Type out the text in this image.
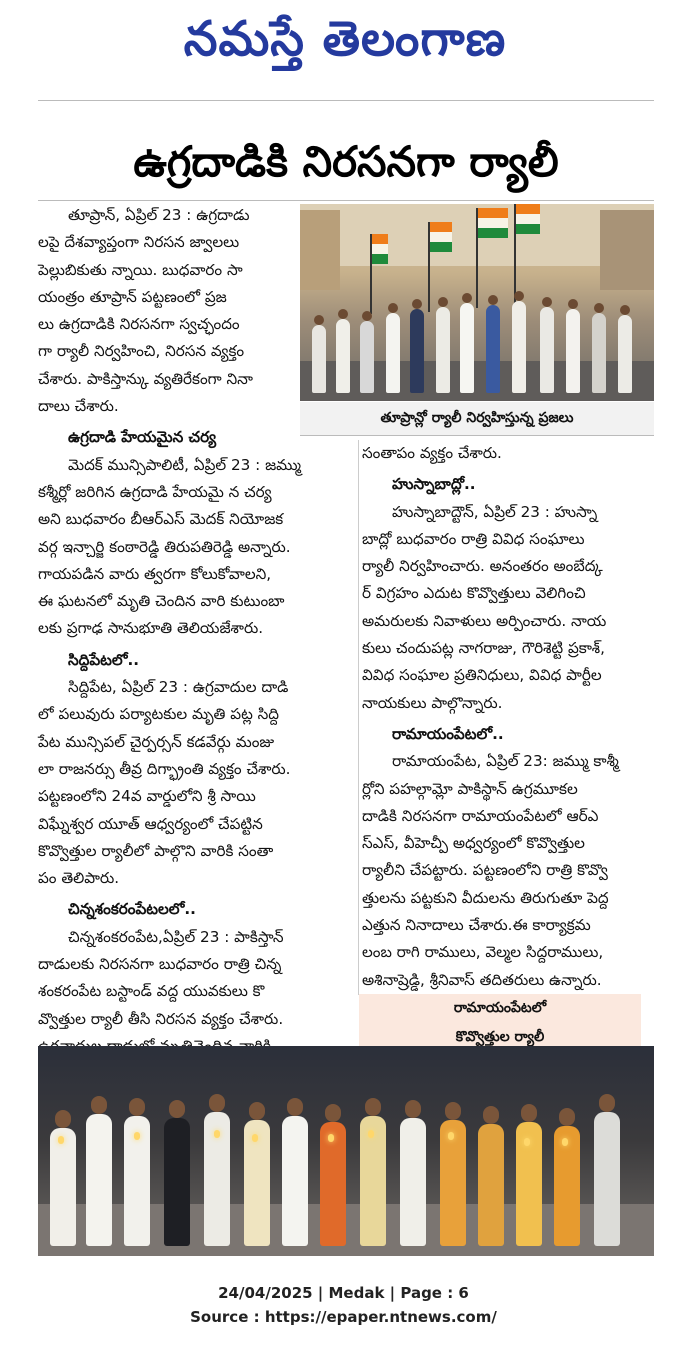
నమస్తే తెలంగాణ
ఉగ్రదాడికి నిరసనగా ర్యాలీ
తూప్రాన్లో ర్యాలీ నిర్వహిస్తున్న ప్రజలు

తూప్రాన్, ఏప్రిల్ 23 : ఉగ్రదాడు

లపై దేశవ్యాప్తంగా నిరసన జ్వాలలు

పెల్లుబికుతు న్నాయి. బుధవారం సా

యంత్రం తూప్రాన్ పట్టణంలో ప్రజ

లు ఉగ్రదాడికి నిరసనగా స్వచ్ఛందం

గా ర్యాలీ నిర్వహించి, నిరసన వ్యక్తం

చేశారు. పాకిస్తాన్కు వ్యతిరేకంగా నినా

దాలు చేశారు.

ఉగ్రదాడి హేయమైన చర్య

మెదక్ మున్సిపాలిటీ, ఏప్రిల్ 23 : జమ్ము

కశ్మీర్లో జరిగిన ఉగ్రదాడి హేయమై న చర్య

అని బుధవారం బీఆర్ఎస్ మెదక్ నియోజక

వర్గ ఇన్చార్జి కంఠారెడ్డి తిరుపతిరెడ్డి అన్నారు.

గాయపడిన వారు త్వరగా కోలుకోవాలని,

ఈ ఘటనలో మృతి చెందిన వారి కుటుంబా

లకు ప్రగాఢ సానుభూతి తెలియజేశారు.

సిద్దిపేటలో..

సిద్దిపేట, ఏప్రిల్ 23 : ఉగ్రవాదుల దాడి

లో పలువురు పర్యాటకుల మృతి పట్ల సిద్ది

పేట మున్సిపల్ చైర్పర్సన్ కడవేర్గు మంజు

లా రాజనర్సు తీవ్ర దిగ్భ్రాంతి వ్యక్తం చేశారు.

పట్టణంలోని 24వ వార్డులోని శ్రీ సాయి

విఘ్నేశ్వర యూత్ ఆధ్వర్యంలో చేపట్టిన

కొవ్వొత్తుల ర్యాలీలో పాల్గొని వారికి సంతా

పం తెలిపారు.

చిన్నశంకరంపేటలలో..

చిన్నశంకరంపేట,ఏప్రిల్ 23 : పాకిస్తాన్

దాడులకు నిరసనగా బుధవారం రాత్రి చిన్న

శంకరంపేట బస్టాండ్ వద్ద యువకులు కొ

వ్వొత్తుల ర్యాలీ తీసి నిరసన వ్యక్తం చేశారు.

సంతాపం వ్యక్తం చేశారు.

హుస్నాబాద్లో..

హుస్నాబాద్టౌన్, ఏప్రిల్ 23 : హుస్నా

బాద్లో బుధవారం రాత్రి వివిధ సంఘాలు

ర్యాలీ నిర్వహించారు. అనంతరం అంబేద్క

ర్ విగ్రహం ఎదుట కొవ్వొత్తులు వెలిగించి

అమరులకు నివాళులు అర్పించారు. నాయ

కులు చందుపట్ల నాగరాజు, గౌరిశెట్టి ప్రకాశ్,

వివిధ సంఘాల ప్రతినిధులు, వివిధ పార్టీల

నాయకులు పాల్గొన్నారు.

రామాయంపేటలో..

రామాయంపేట, ఏప్రిల్ 23: జమ్ము కాశ్మీ

ర్లోని పహల్గామ్లో పాకిస్థాన్ ఉగ్రమూకల

దాడికి నిరసనగా రామాయంపేటలో ఆర్ఎ

స్ఎస్, వీహెచ్పీ అధ్వర్యంలో కొవ్వొత్తుల

ర్యాలీని చేపట్టారు. పట్టణంలోని రాత్రి కొవ్వొ

త్తులను పట్టకుని వీదులను తిరుగుతూ పెద్ద

ఎత్తున నినాదాలు చేశారు.ఈ కార్యాక్రమ

లంబ రాగి రాములు, వెల్మల సిద్దరాములు,

అశినాష్రెడ్డి, శ్రీనివాస్ తదితరులు ఉన్నారు.

రామాయంపేటలో
కొవ్వొత్తుల ర్యాలీ
24/04/2025 | Medak | Page : 6
Source : https://epaper.ntnews.com/
